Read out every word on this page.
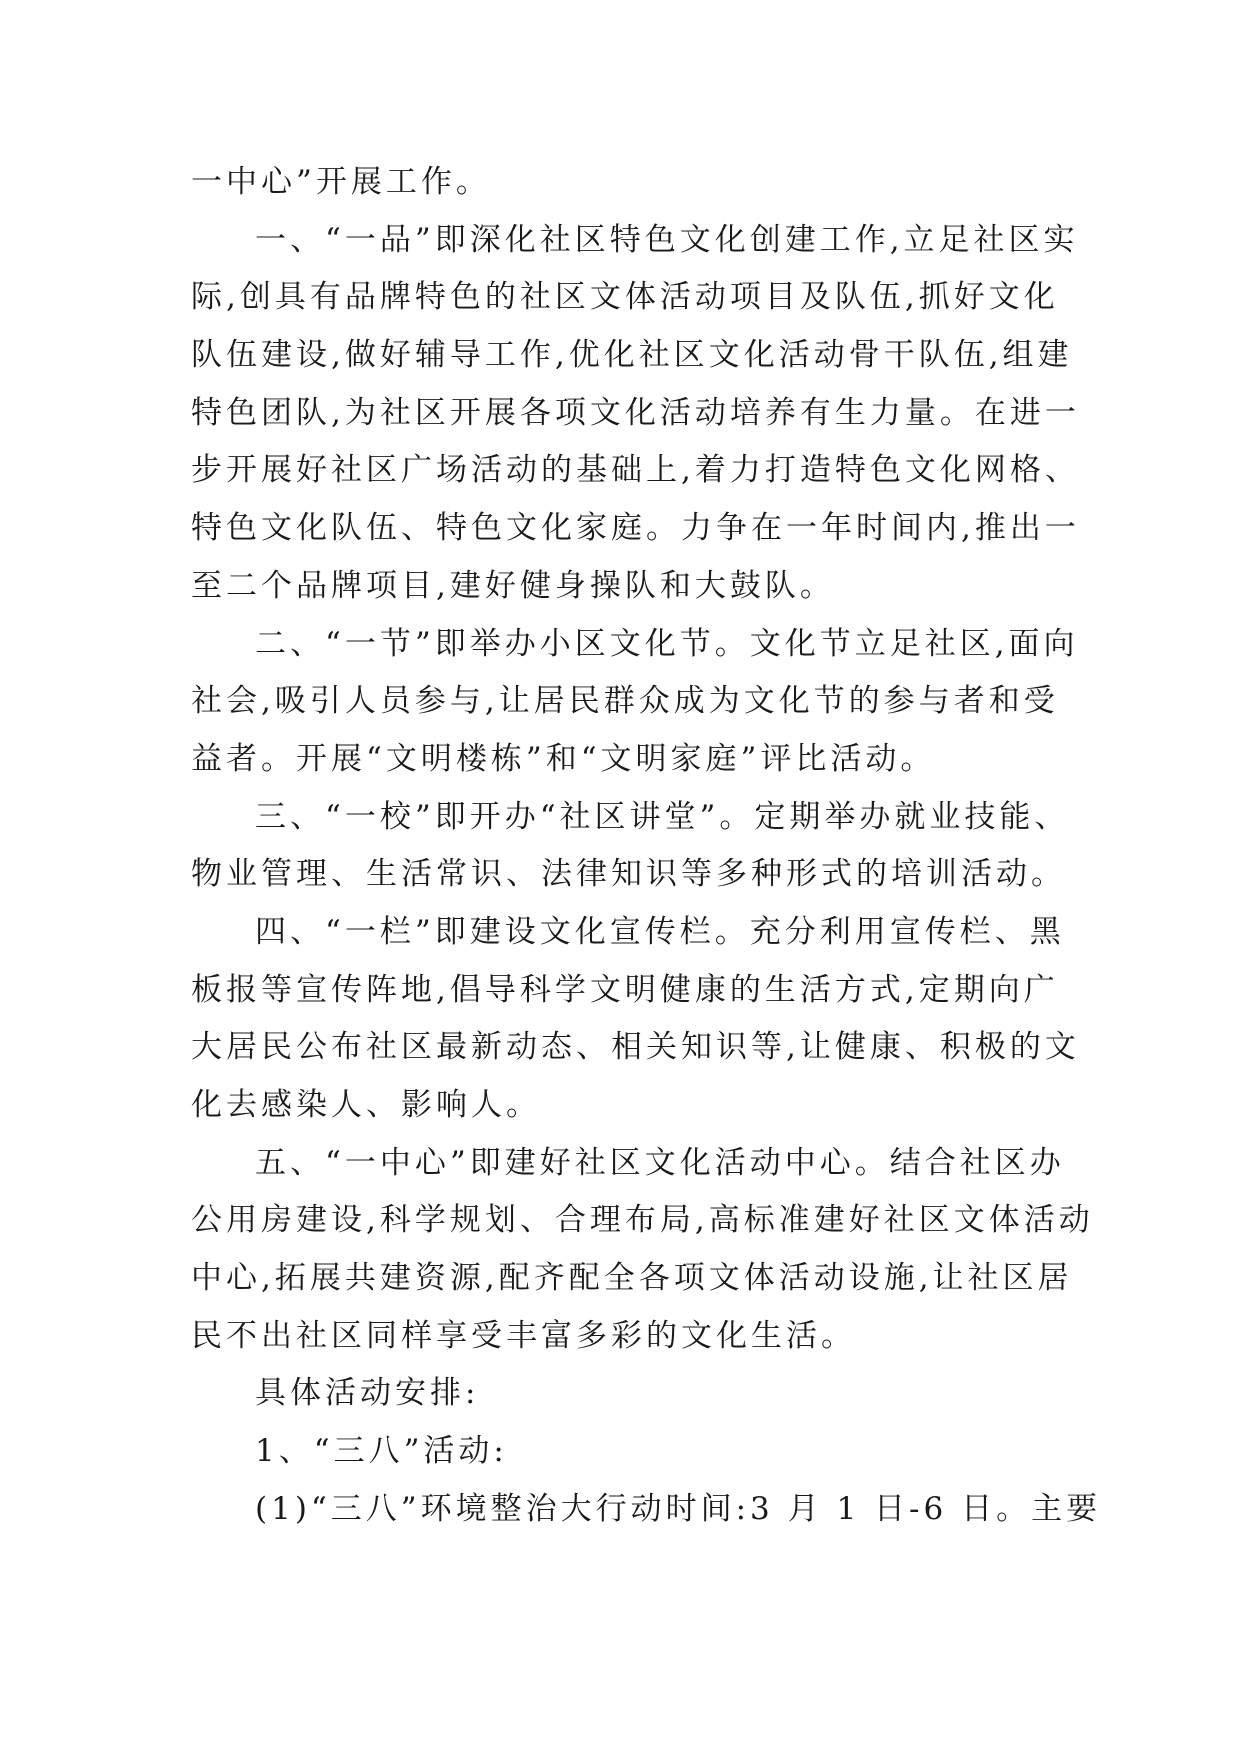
一中心”开展工作。
一、“一品”即深化社区特色文化创建工作,立足社区实
际,创具有品牌特色的社区文体活动项目及队伍,抓好文化
队伍建设,做好辅导工作,优化社区文化活动骨干队伍,组建
特色团队,为社区开展各项文化活动培养有生力量。在进一
步开展好社区广场活动的基础上,着力打造特色文化网格、
特色文化队伍、特色文化家庭。力争在一年时间内,推出一
至二个品牌项目,建好健身操队和大鼓队。
二、“一节”即举办小区文化节。文化节立足社区,面向
社会,吸引人员参与,让居民群众成为文化节的参与者和受
益者。开展“文明楼栋”和“文明家庭”评比活动。
三、“一校”即开办“社区讲堂”。定期举办就业技能、
物业管理、生活常识、法律知识等多种形式的培训活动。
四、“一栏”即建设文化宣传栏。充分利用宣传栏、黑
板报等宣传阵地,倡导科学文明健康的生活方式,定期向广
大居民公布社区最新动态、相关知识等,让健康、积极的文
化去感染人、影响人。
五、“一中心”即建好社区文化活动中心。结合社区办
公用房建设,科学规划、合理布局,高标准建好社区文体活动
中心,拓展共建资源,配齐配全各项文体活动设施,让社区居
民不出社区同样享受丰富多彩的文化生活。
具体活动安排:
1、“三八”活动:
(1)“三八”环境整治大行动时间:3 月 1 日-6 日。主要
